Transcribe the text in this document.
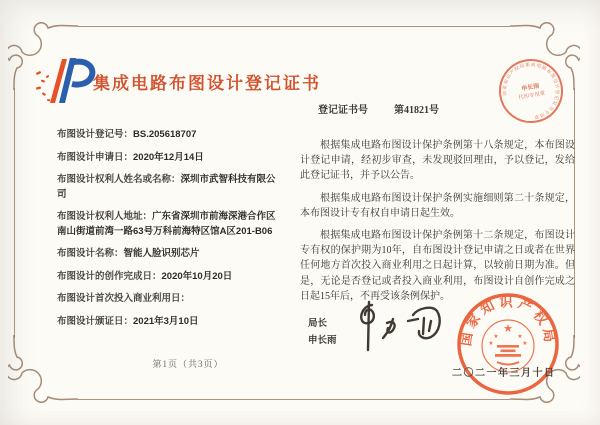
集成电路布图设计登记证书
登记证书号	第41821号
布图设计登记号：BS.205618707
布图设计申请日：2020年12月14日
布图设计权利人姓名或名称：深圳市武智科技有限公司
布图设计权利人地址：广东省深圳市前海深港合作区南山街道前湾一路63号万科前海特区馆A区201-B06
布图设计名称：智能人脸识别芯片
布图设计的创作完成日：2020年10月20日
布图设计首次投入商业利用日：
布图设计颁证日：2021年3月10日

根据集成电路布图设计保护条例第十八条规定，本布图设计登记申请，经初步审查，未发现驳回理由，予以登记，发给此登记证书，并予以公告。

根据集成电路布图设计保护条例实施细则第二十条规定，本布图设计专有权自申请日起生效。

根据集成电路布图设计保护条例第十二条规定，布图设计专有权的保护期为10年，自布图设计登记申请之日或者在世界任何地方首次投入商业利用之日起计算，以较前日期为准。但是，无论是否登记或者投入商业利用，布图设计自创作完成之日起15年后，不再受该条例保护。

局长
申长雨	国家知识产权局
★
★	★
★	★
二〇二一年三月十日
国家知识产权局集成电路布图设计登记证书专用章
申长雨
代印专用章
第1页（共3页）
